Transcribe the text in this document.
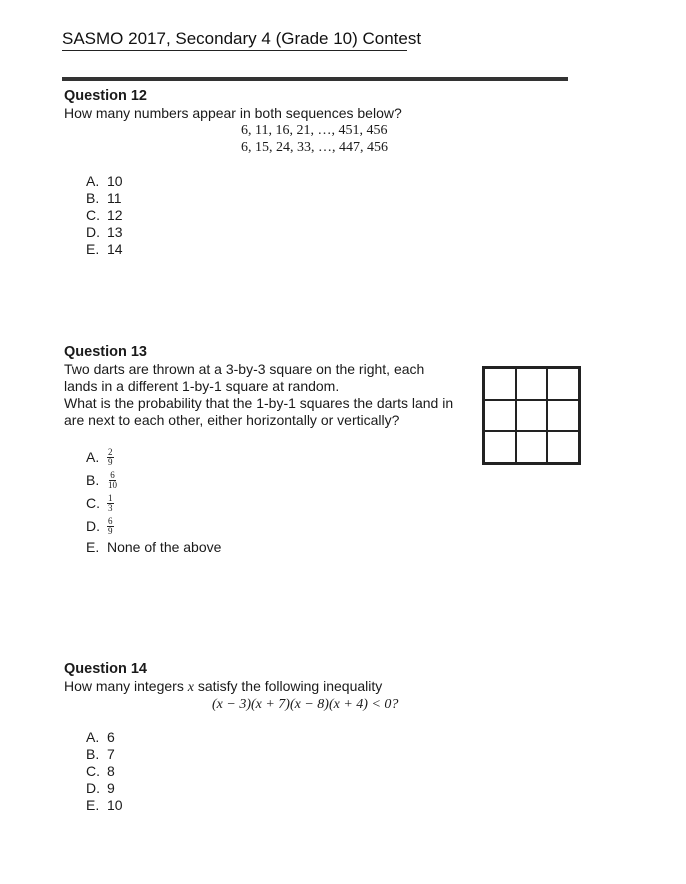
SASMO 2017, Secondary 4 (Grade 10) Contest
Question 12
How many numbers appear in both sequences below?
6, 11, 16, 21, …, 451, 456
6, 15, 24, 33, …, 447, 456
A. 10
B. 11
C. 12
D. 13
E. 14
Question 13
Two darts are thrown at a 3-by-3 square on the right, each
lands in a different 1-by-1 square at random.
What is the probability that the 1-by-1 squares the darts land in
are next to each other, either horizontally or vertically?
A. $\frac{2}{9}$
B. $\frac{6}{10}$
C. $\frac{1}{3}$
D. $\frac{6}{9}$
E. None of the above
Question 14
How many integers x satisfy the following inequality
(x − 3)(x + 7)(x − 8)(x + 4) < 0?
A. 6
B. 7
C. 8
D. 9
E. 10
